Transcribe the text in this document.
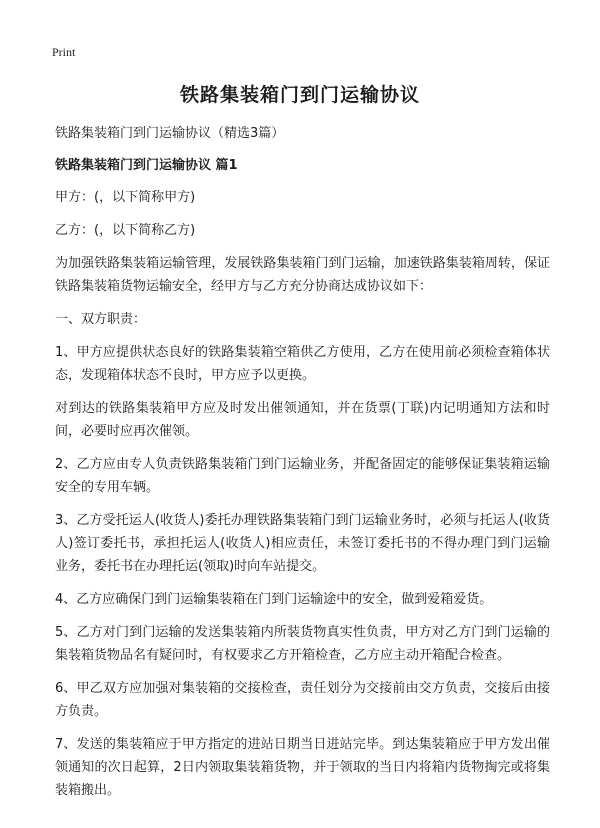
Print
铁路集装箱门到门运输协议

铁路集装箱门到门运输协议（精选3篇）

铁路集装箱门到门运输协议 篇1

甲方：(，以下简称甲方)

乙方：(，以下简称乙方)

为加强铁路集装箱运输管理，发展铁路集装箱门到门运输，加速铁路集装箱周转，保证铁路集装箱货物运输安全，经甲方与乙方充分协商达成协议如下：

一、双方职责：

1、甲方应提供状态良好的铁路集装箱空箱供乙方使用，乙方在使用前必须检查箱体状态，发现箱体状态不良时，甲方应予以更换。

对到达的铁路集装箱甲方应及时发出催领通知，并在货票(丁联)内记明通知方法和时间，必要时应再次催领。

2、乙方应由专人负责铁路集装箱门到门运输业务，并配备固定的能够保证集装箱运输安全的专用车辆。

3、乙方受托运人(收货人)委托办理铁路集装箱门到门运输业务时，必须与托运人(收货人)签订委托书，承担托运人(收货人)相应责任，未签订委托书的不得办理门到门运输业务，委托书在办理托运(领取)时向车站提交。

4、乙方应确保门到门运输集装箱在门到门运输途中的安全，做到爱箱爱货。

5、乙方对门到门运输的发送集装箱内所装货物真实性负责，甲方对乙方门到门运输的集装箱货物品名有疑问时，有权要求乙方开箱检查，乙方应主动开箱配合检查。

6、甲乙双方应加强对集装箱的交接检查，责任划分为交接前由交方负责，交接后由接方负责。

7、发送的集装箱应于甲方指定的进站日期当日进站完毕。到达集装箱应于甲方发出催领通知的次日起算，2日内领取集装箱货物，并于领取的当日内将箱内货物掏完或将集装箱搬出。
